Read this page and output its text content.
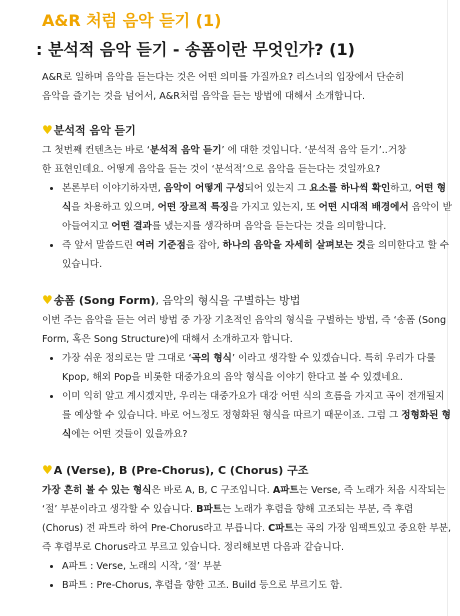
A&R 처럼 음악 듣기 (1)
: 분석적 음악 듣기 - 송폼이란 무엇인가? (1)

A&R로 일하며 음악을 듣는다는 것은 어떤 의미를 가질까요? 리스너의 입장에서 단순히

음악을 즐기는 것을 넘어서, A&R처럼 음악을 듣는 방법에 대해서 소개합니다.

♥분석적 음악 듣기

그 첫번째 컨텐츠는 바로 ‘분석적 음악 듣기’ 에 대한 것입니다. ‘분석적 음악 듣기’..거창

한 표현인데요. 어떻게 음악을 듣는 것이 ‘분석적’으로 음악을 듣는다는 것일까요?

• 본론부터 이야기하자면, 음악이 어떻게 구성되어 있는지 그 요소를 하나씩 확인하고, 어떤 형식을 차용하고 있으며, 어떤 장르적 특징을 가지고 있는지, 또 어떤 시대적 배경에서 음악이 받아들여지고 어떤 결과를 냈는지를 생각하며 음악을 듣는다는 것을 의미합니다.
• 즉 앞서 말씀드린 여러 기준점을 잡아, 하나의 음악을 자세히 살펴보는 것을 의미한다고 할 수 있습니다.
♥송폼 (Song Form), 음악의 형식을 구별하는 방법

이번 주는 음악을 듣는 여러 방법 중 가장 기초적인 음악의 형식을 구별하는 방법, 즉 ‘송폼 (Song Form, 혹은 Song Structure)에 대해서 소개하고자 합니다.

• 가장 쉬운 정의로는 말 그대로 ‘곡의 형식’ 이라고 생각할 수 있겠습니다. 특히 우리가 다룰 Kpop, 해외 Pop을 비롯한 대중가요의 음악 형식을 이야기 한다고 볼 수 있겠네요.
• 이미 익히 알고 계시겠지만, 우리는 대중가요가 대강 어떤 식의 흐름을 가지고 곡이 전개될지를 예상할 수 있습니다. 바로 어느정도 정형화된 형식을 따르기 때문이죠. 그럼 그 정형화된 형식에는 어떤 것들이 있을까요?
♥A (Verse), B (Pre-Chorus), C (Chorus) 구조

가장 흔히 볼 수 있는 형식은 바로 A, B, C 구조입니다. A파트는 Verse, 즉 노래가 처음 시작되는 ‘절’ 부분이라고 생각할 수 있습니다. B파트는 노래가 후렴을 향해 고조되는 부분, 즉 후렴(Chorus) 전 파트라 하여 Pre-Chorus라고 부릅니다. C파트는 곡의 가장 임팩트있고 중요한 부분, 즉 후렴부로 Chorus라고 부르고 있습니다. 정리해보면 다음과 같습니다.

• A파트 : Verse, 노래의 시작, ‘절’ 부분
• B파트 : Pre-Chorus, 후렴을 향한 고조. Build 등으로 부르기도 함.
